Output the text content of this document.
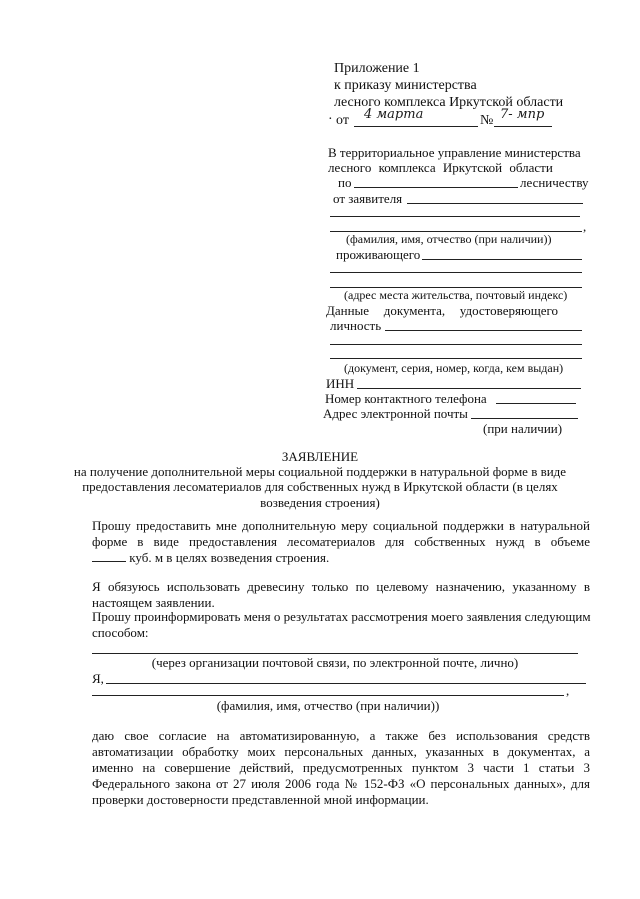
Приложение 1
к приказу министерства
лесного комплекса Иркутской области
· от 4 марта	№ 7- мпр
В территориальное управление министерства
лесного комплекса Иркутской области
по	лесничеству
от заявителя
,
(фамилия, имя, отчество (при наличии))
проживающего
(адрес места жительства, почтовый индекс)
Данные документа, удостоверяющего
личность
(документ, серия, номер, когда, кем выдан)
ИНН
Номер контактного телефона
Адрес электронной почты
(при наличии)
ЗАЯВЛЕНИЕ
на получение дополнительной меры социальной поддержки в натуральной форме в виде
предоставления лесоматериалов для собственных нужд в Иркутской области (в целях
возведения строения)
Прошу предоставить мне дополнительную меру социальной поддержки в натуральной
форме в виде предоставления лесоматериалов для собственных нужд в объеме
куб. м в целях возведения строения.
Я обязуюсь использовать древесину только по целевому назначению, указанному в
настоящем заявлении.
Прошу проинформировать меня о результатах рассмотрения моего заявления следующим
способом:
(через организации почтовой связи, по электронной почте, лично)
Я,
,
(фамилия, имя, отчество (при наличии))
даю свое согласие на автоматизированную, а также без использования средств
автоматизации обработку моих персональных данных, указанных в документах, а
именно на совершение действий, предусмотренных пунктом 3 части 1 статьи 3
Федерального закона от 27 июля 2006 года № 152-ФЗ «О персональных данных», для
проверки достоверности представленной мной информации.
